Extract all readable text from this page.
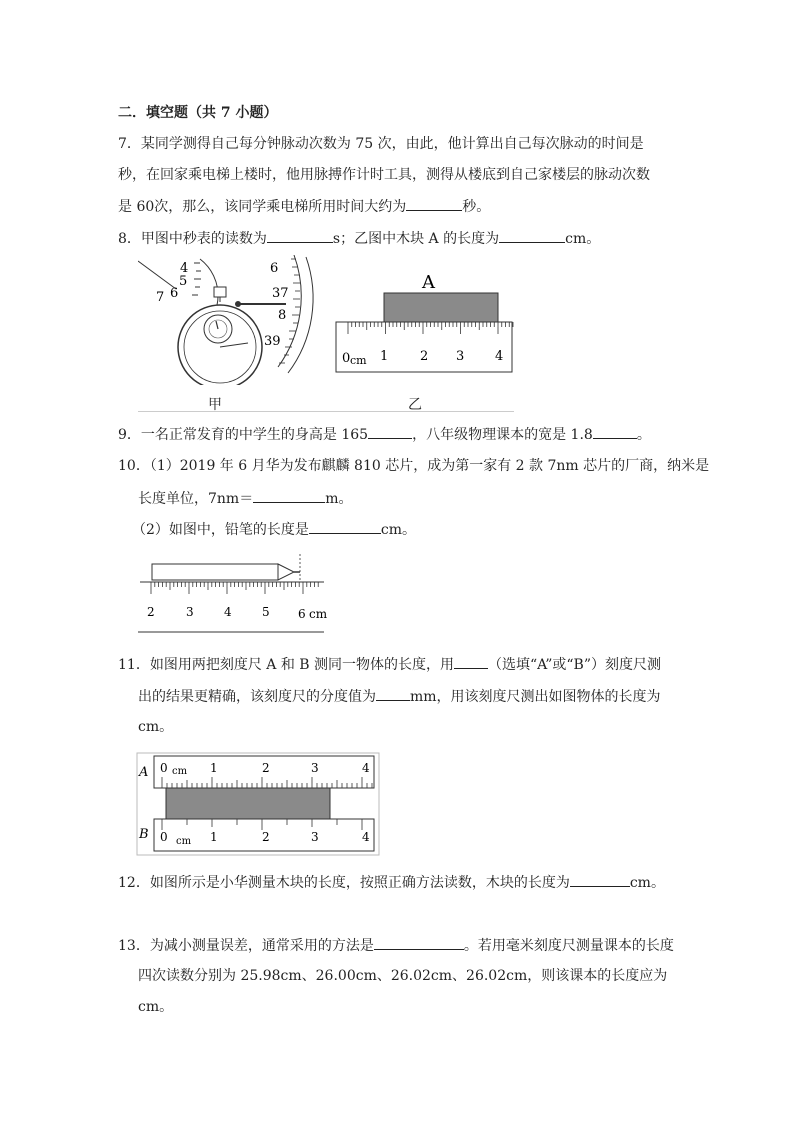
二．填空题（共 7 小题）
7．某同学测得自己每分钟脉动次数为 75 次，由此，他计算出自己每次脉动的时间是
秒，在回家乘电梯上楼时，他用脉搏作计时工具，测得从楼底到自己家楼层的脉动次数
是 60次，那么，该同学乘电梯所用时间大约为	秒。
8．甲图中秒表的读数为	s；乙图中木块 A 的长度为	cm。
4
5
6
7
6
37
8
39
甲
A
0 cm 1 2 3 4
乙
9．一名正常发育的中学生的身高是 165	，八年级物理课本的宽是 1.8	。
10．（1）2019 年 6 月华为发布麒麟 810 芯片，成为第一家有 2 款 7nm 芯片的厂商，纳米是
长度单位，7nm＝	m。
（2）如图中，铅笔的长度是	cm。
2	3	4	5 6 cm
11．如图用两把刻度尺 A 和 B 测同一物体的长度，用 （选填“A”或“B”）刻度尺测
出的结果更精确，该刻度尺的分度值为 mm，用该刻度尺测出如图物体的长度为
cm。
A
B
0 cm 1	2	3	4
0 cm 1	2	3	4
12．如图所示是小华测量木块的长度，按照正确方法读数，木块的长度为	cm。
13．为减小测量误差，通常采用的方法是	。若用毫米刻度尺测量课本的长度
四次读数分别为 25.98cm、26.00cm、26.02cm、26.02cm，则该课本的长度应为
cm。
